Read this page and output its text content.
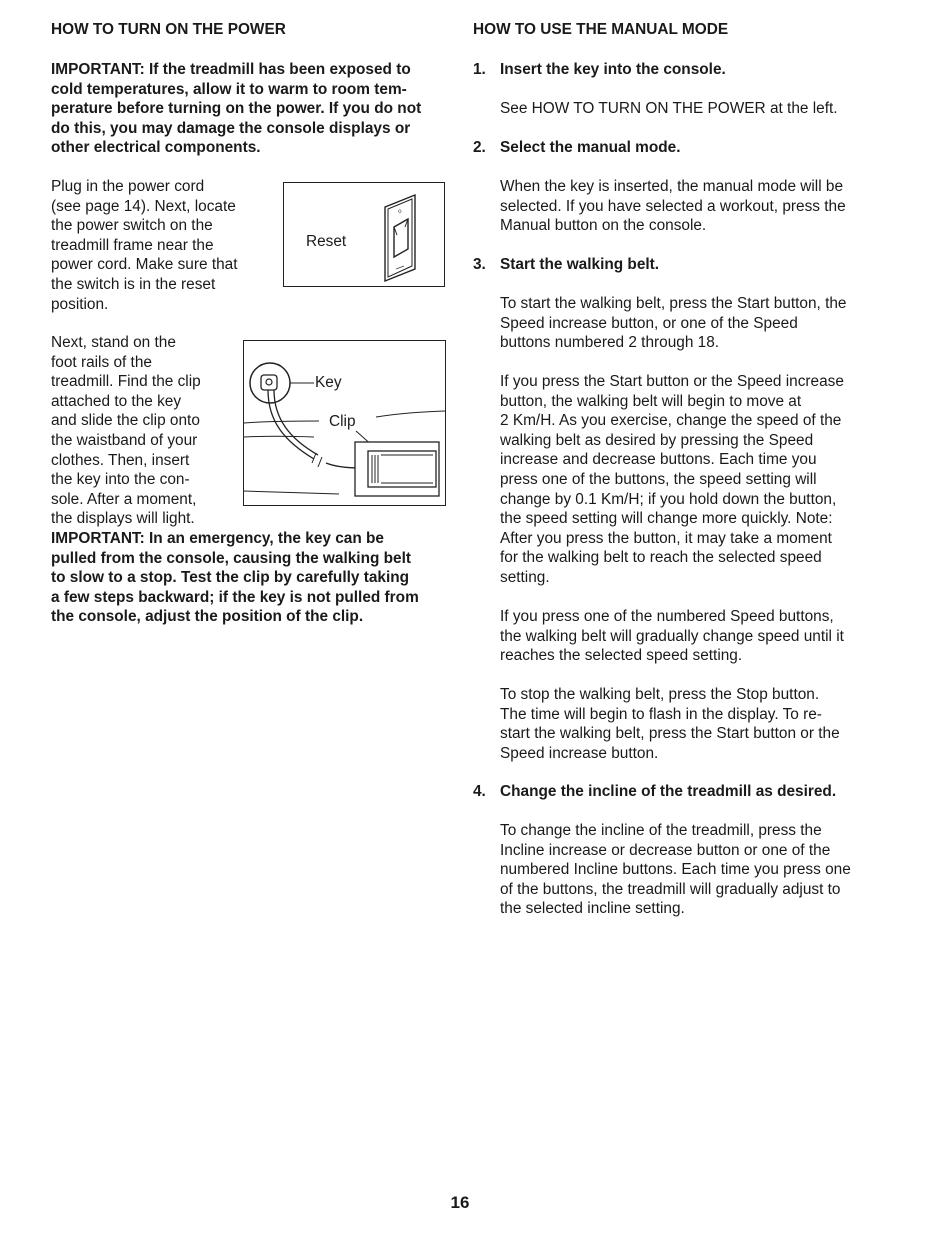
HOW TO TURN ON THE POWER
IMPORTANT: If the treadmill has been exposed to
cold temperatures, allow it to warm to room tem-
perature before turning on the power. If you do not
do this, you may damage the console displays or
other electrical components.
Plug in the power cord
(see page 14). Next, locate
the power switch on the
treadmill frame near the
power cord. Make sure that
the switch is in the reset
position.
Reset
o
Next, stand on the
foot rails of the
treadmill. Find the clip
attached to the key
and slide the clip onto
the waistband of your
clothes. Then, insert
the key into the con-
sole. After a moment,
the displays will light.
Key
Clip
IMPORTANT: In an emergency, the key can be
pulled from the console, causing the walking belt
to slow to a stop. Test the clip by carefully taking
a few steps backward; if the key is not pulled from
the console, adjust the position of the clip.
HOW TO USE THE MANUAL MODE
1. Insert the key into the console.
See HOW TO TURN ON THE POWER at the left.
2. Select the manual mode.
When the key is inserted, the manual mode will be
selected. If you have selected a workout, press the
Manual button on the console.
3. Start the walking belt.
To start the walking belt, press the Start button, the
Speed increase button, or one of the Speed
buttons numbered 2 through 18.
If you press the Start button or the Speed increase
button, the walking belt will begin to move at
2 Km/H. As you exercise, change the speed of the
walking belt as desired by pressing the Speed
increase and decrease buttons. Each time you
press one of the buttons, the speed setting will
change by 0.1 Km/H; if you hold down the button,
the speed setting will change more quickly. Note:
After you press the button, it may take a moment
for the walking belt to reach the selected speed
setting.
If you press one of the numbered Speed buttons,
the walking belt will gradually change speed until it
reaches the selected speed setting.
To stop the walking belt, press the Stop button.
The time will begin to flash in the display. To re-
start the walking belt, press the Start button or the
Speed increase button.
4. Change the incline of the treadmill as desired.
To change the incline of the treadmill, press the
Incline increase or decrease button or one of the
numbered Incline buttons. Each time you press one
of the buttons, the treadmill will gradually adjust to
the selected incline setting.
16
